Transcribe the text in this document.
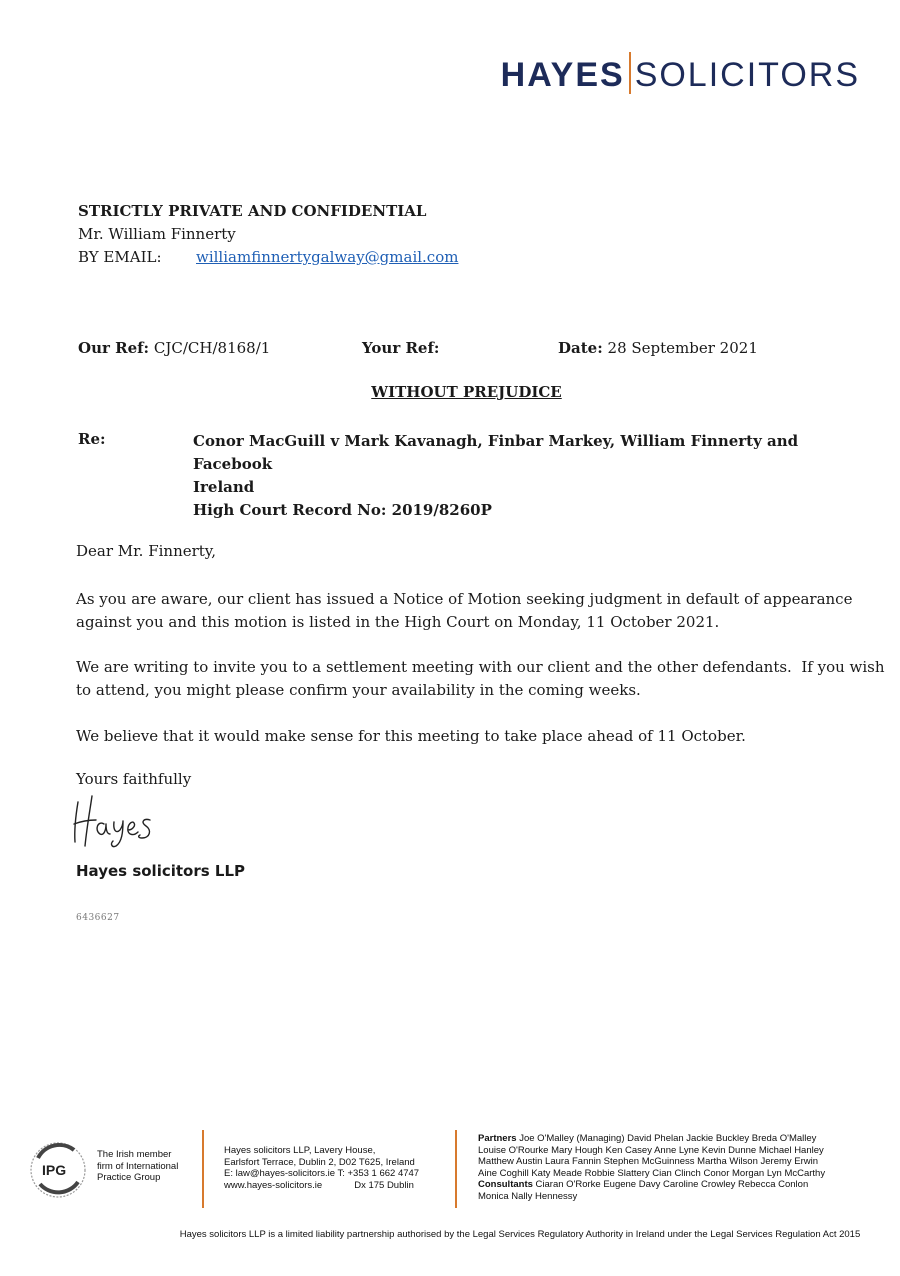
HAYES SOLICITORS
STRICTLY PRIVATE AND CONFIDENTIAL
Mr. William Finnerty
BY EMAIL: williamfinnertygalway@gmail.com
Our Ref: CJC/CH/8168/1	Your Ref:	Date: 28 September 2021
WITHOUT PREJUDICE
Re:	Conor MacGuill v Mark Kavanagh, Finbar Markey, William Finnerty and Facebook
Ireland
High Court Record No: 2019/8260P
Dear Mr. Finnerty,
As you are aware, our client has issued a Notice of Motion seeking judgment in default of appearance
against you and this motion is listed in the High Court on Monday, 11 October 2021.
We are writing to invite you to a settlement meeting with our client and the other defendants.  If you wish
to attend, you might please confirm your availability in the coming weeks.
We believe that it would make sense for this meeting to take place ahead of 11 October.
Yours faithfully
Hayes solicitors LLP
6436627
IPG
The Irish member
firm of International
Practice Group
Hayes solicitors LLP, Lavery House,
Earlsfort Terrace, Dublin 2, D02 T625, Ireland
E: law@hayes-solicitors.ie T: +353 1 662 4747
www.hayes-solicitors.ie	Dx 175 Dublin
Partners Joe O'Malley (Managing) David Phelan Jackie Buckley Breda O'Malley
Louise O'Rourke Mary Hough Ken Casey Anne Lyne Kevin Dunne Michael Hanley
Matthew Austin Laura Fannin Stephen McGuinness Martha Wilson Jeremy Erwin
Aine Coghill Katy Meade Robbie Slattery Cian Clinch Conor Morgan Lyn McCarthy
Consultants Ciaran O'Rorke Eugene Davy Caroline Crowley Rebecca Conlon
Monica Nally Hennessy
Hayes solicitors LLP is a limited liability partnership authorised by the Legal Services Regulatory Authority in Ireland under the Legal Services Regulation Act 2015
